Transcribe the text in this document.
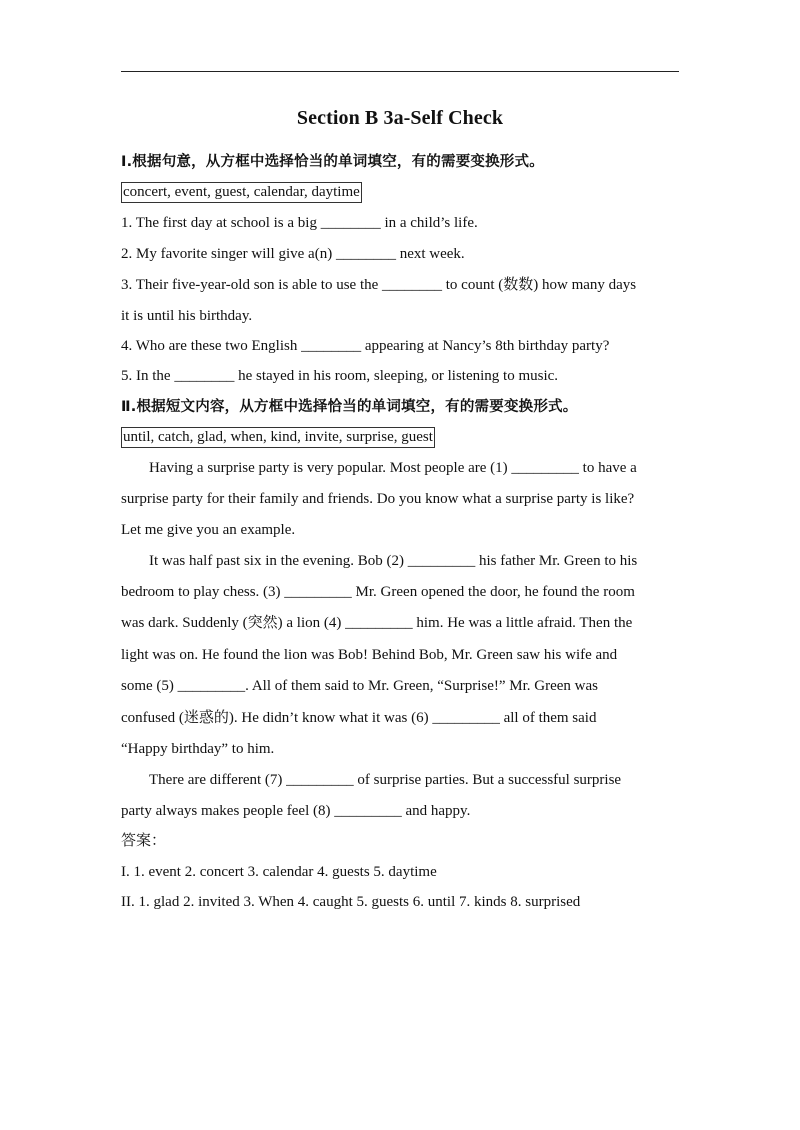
Section B 3a-Self Check
Ⅰ.根据句意，从方框中选择恰当的单词填空，有的需要变换形式。
concert, event, guest, calendar, daytime
1. The first day at school is a big ________ in a child’s life.
2. My favorite singer will give a(n) ________ next week.
3. Their five-year-old son is able to use the ________ to count (数数) how many days
it is until his birthday.
4. Who are these two English ________ appearing at Nancy’s 8th birthday party?
5. In the ________ he stayed in his room, sleeping, or listening to music.
Ⅱ.根据短文内容，从方框中选择恰当的单词填空，有的需要变换形式。
until, catch, glad, when, kind, invite, surprise, guest
Having a surprise party is very popular. Most people are (1) _________ to have a
surprise party for their family and friends. Do you know what a surprise party is like?
Let me give you an example.
It was half past six in the evening. Bob (2) _________ his father Mr. Green to his
bedroom to play chess. (3) _________ Mr. Green opened the door, he found the room
was dark. Suddenly (突然) a lion (4) _________ him. He was a little afraid. Then the
light was on. He found the lion was Bob! Behind Bob, Mr. Green saw his wife and
some (5) _________. All of them said to Mr. Green, “Surprise!” Mr. Green was
confused (迷惑的). He didn’t know what it was (6) _________ all of them said
“Happy birthday” to him.
There are different (7) _________ of surprise parties. But a successful surprise
party always makes people feel (8) _________ and happy.
答案：
I. 1. event 2. concert 3. calendar 4. guests 5. daytime
II. 1. glad 2. invited 3. When 4. caught 5. guests 6. until 7. kinds 8. surprised
